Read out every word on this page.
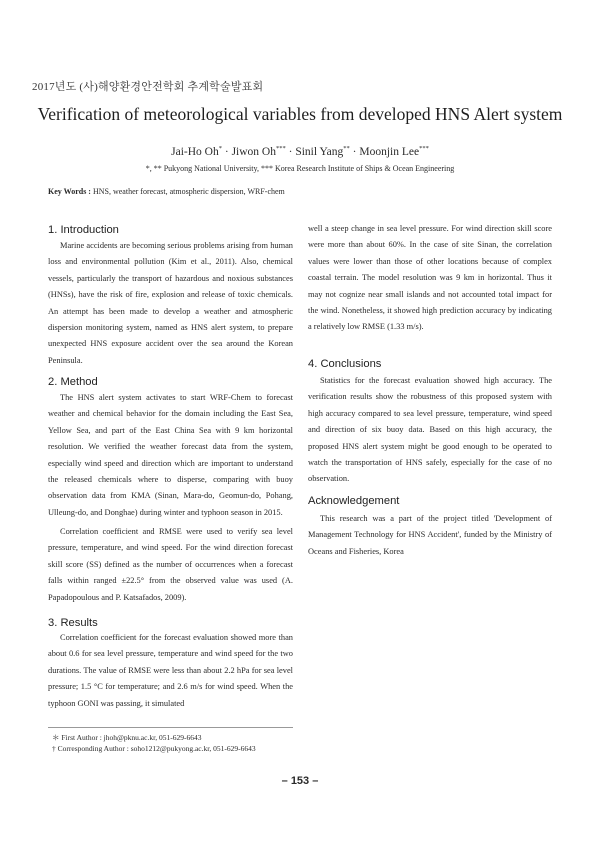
2017년도 (사)해양환경안전학회 추계학술발표회
Verification of meteorological variables from developed HNS Alert system
Jai-Ho Oh* · Jiwon Oh*** · Sinil Yang** · Moonjin Lee***
*, ** Pukyong National University, *** Korea Research Institute of Ships & Ocean Engineering
Key Words : HNS, weather forecast, atmospheric dispersion, WRF-chem
1. Introduction
Marine accidents are becoming serious problems arising from human loss and environmental pollution (Kim et al., 2011). Also, chemical vessels, particularly the transport of hazardous and noxious substances (HNSs), have the risk of fire, explosion and release of toxic chemicals. An attempt has been made to develop a weather and atmospheric dispersion monitoring system, named as HNS alert system, to prepare unexpected HNS exposure accident over the sea around the Korean Peninsula.
2. Method
The HNS alert system activates to start WRF-Chem to forecast weather and chemical behavior for the domain including the East Sea, Yellow Sea, and part of the East China Sea with 9 km horizontal resolution. We verified the weather forecast data from the system, especially wind speed and direction which are important to understand the released chemicals where to disperse, comparing with buoy observation data from KMA (Sinan, Mara-do, Geomun-do, Pohang, Ulleung-do, and Donghae) during winter and typhoon season in 2015.
Correlation coefficient and RMSE were used to verify sea level pressure, temperature, and wind speed. For the wind direction forecast skill score (SS) defined as the number of occurrences when a forecast falls within ranged ±22.5° from the observed value was used (A. Papadopoulous and P. Katsafados, 2009).
3. Results
Correlation coefficient for the forecast evaluation showed more than about 0.6 for sea level pressure, temperature and wind speed for the two durations. The value of RMSE were less than about 2.2 hPa for sea level pressure; 1.5 °C for temperature; and 2.6 m/s for wind speed. When the typhoon GONI was passing, it simulated
well a steep change in sea level pressure. For wind direction skill score were more than about 60%. In the case of site Sinan, the correlation values were lower than those of other locations because of complex coastal terrain. The model resolution was 9 km in horizontal. Thus it may not cognize near small islands and not accounted total impact for the wind. Nonetheless, it showed high prediction accuracy by indicating a relatively low RMSE (1.33 m/s).
4. Conclusions
Statistics for the forecast evaluation showed high accuracy. The verification results show the robustness of this proposed system with high accuracy compared to sea level pressure, temperature, wind speed and direction of six buoy data. Based on this high accuracy, the proposed HNS alert system might be good enough to be operated to watch the transportation of HNS safely, especially for the case of no observation.
Acknowledgement
This research was a part of the project titled 'Development of Management Technology for HNS Accident', funded by the Ministry of Oceans and Fisheries, Korea
＊ First Author : jhoh@pknu.ac.kr, 051-629-6643
† Corresponding Author : soho1212@pukyong.ac.kr, 051-629-6643
– 153 –
